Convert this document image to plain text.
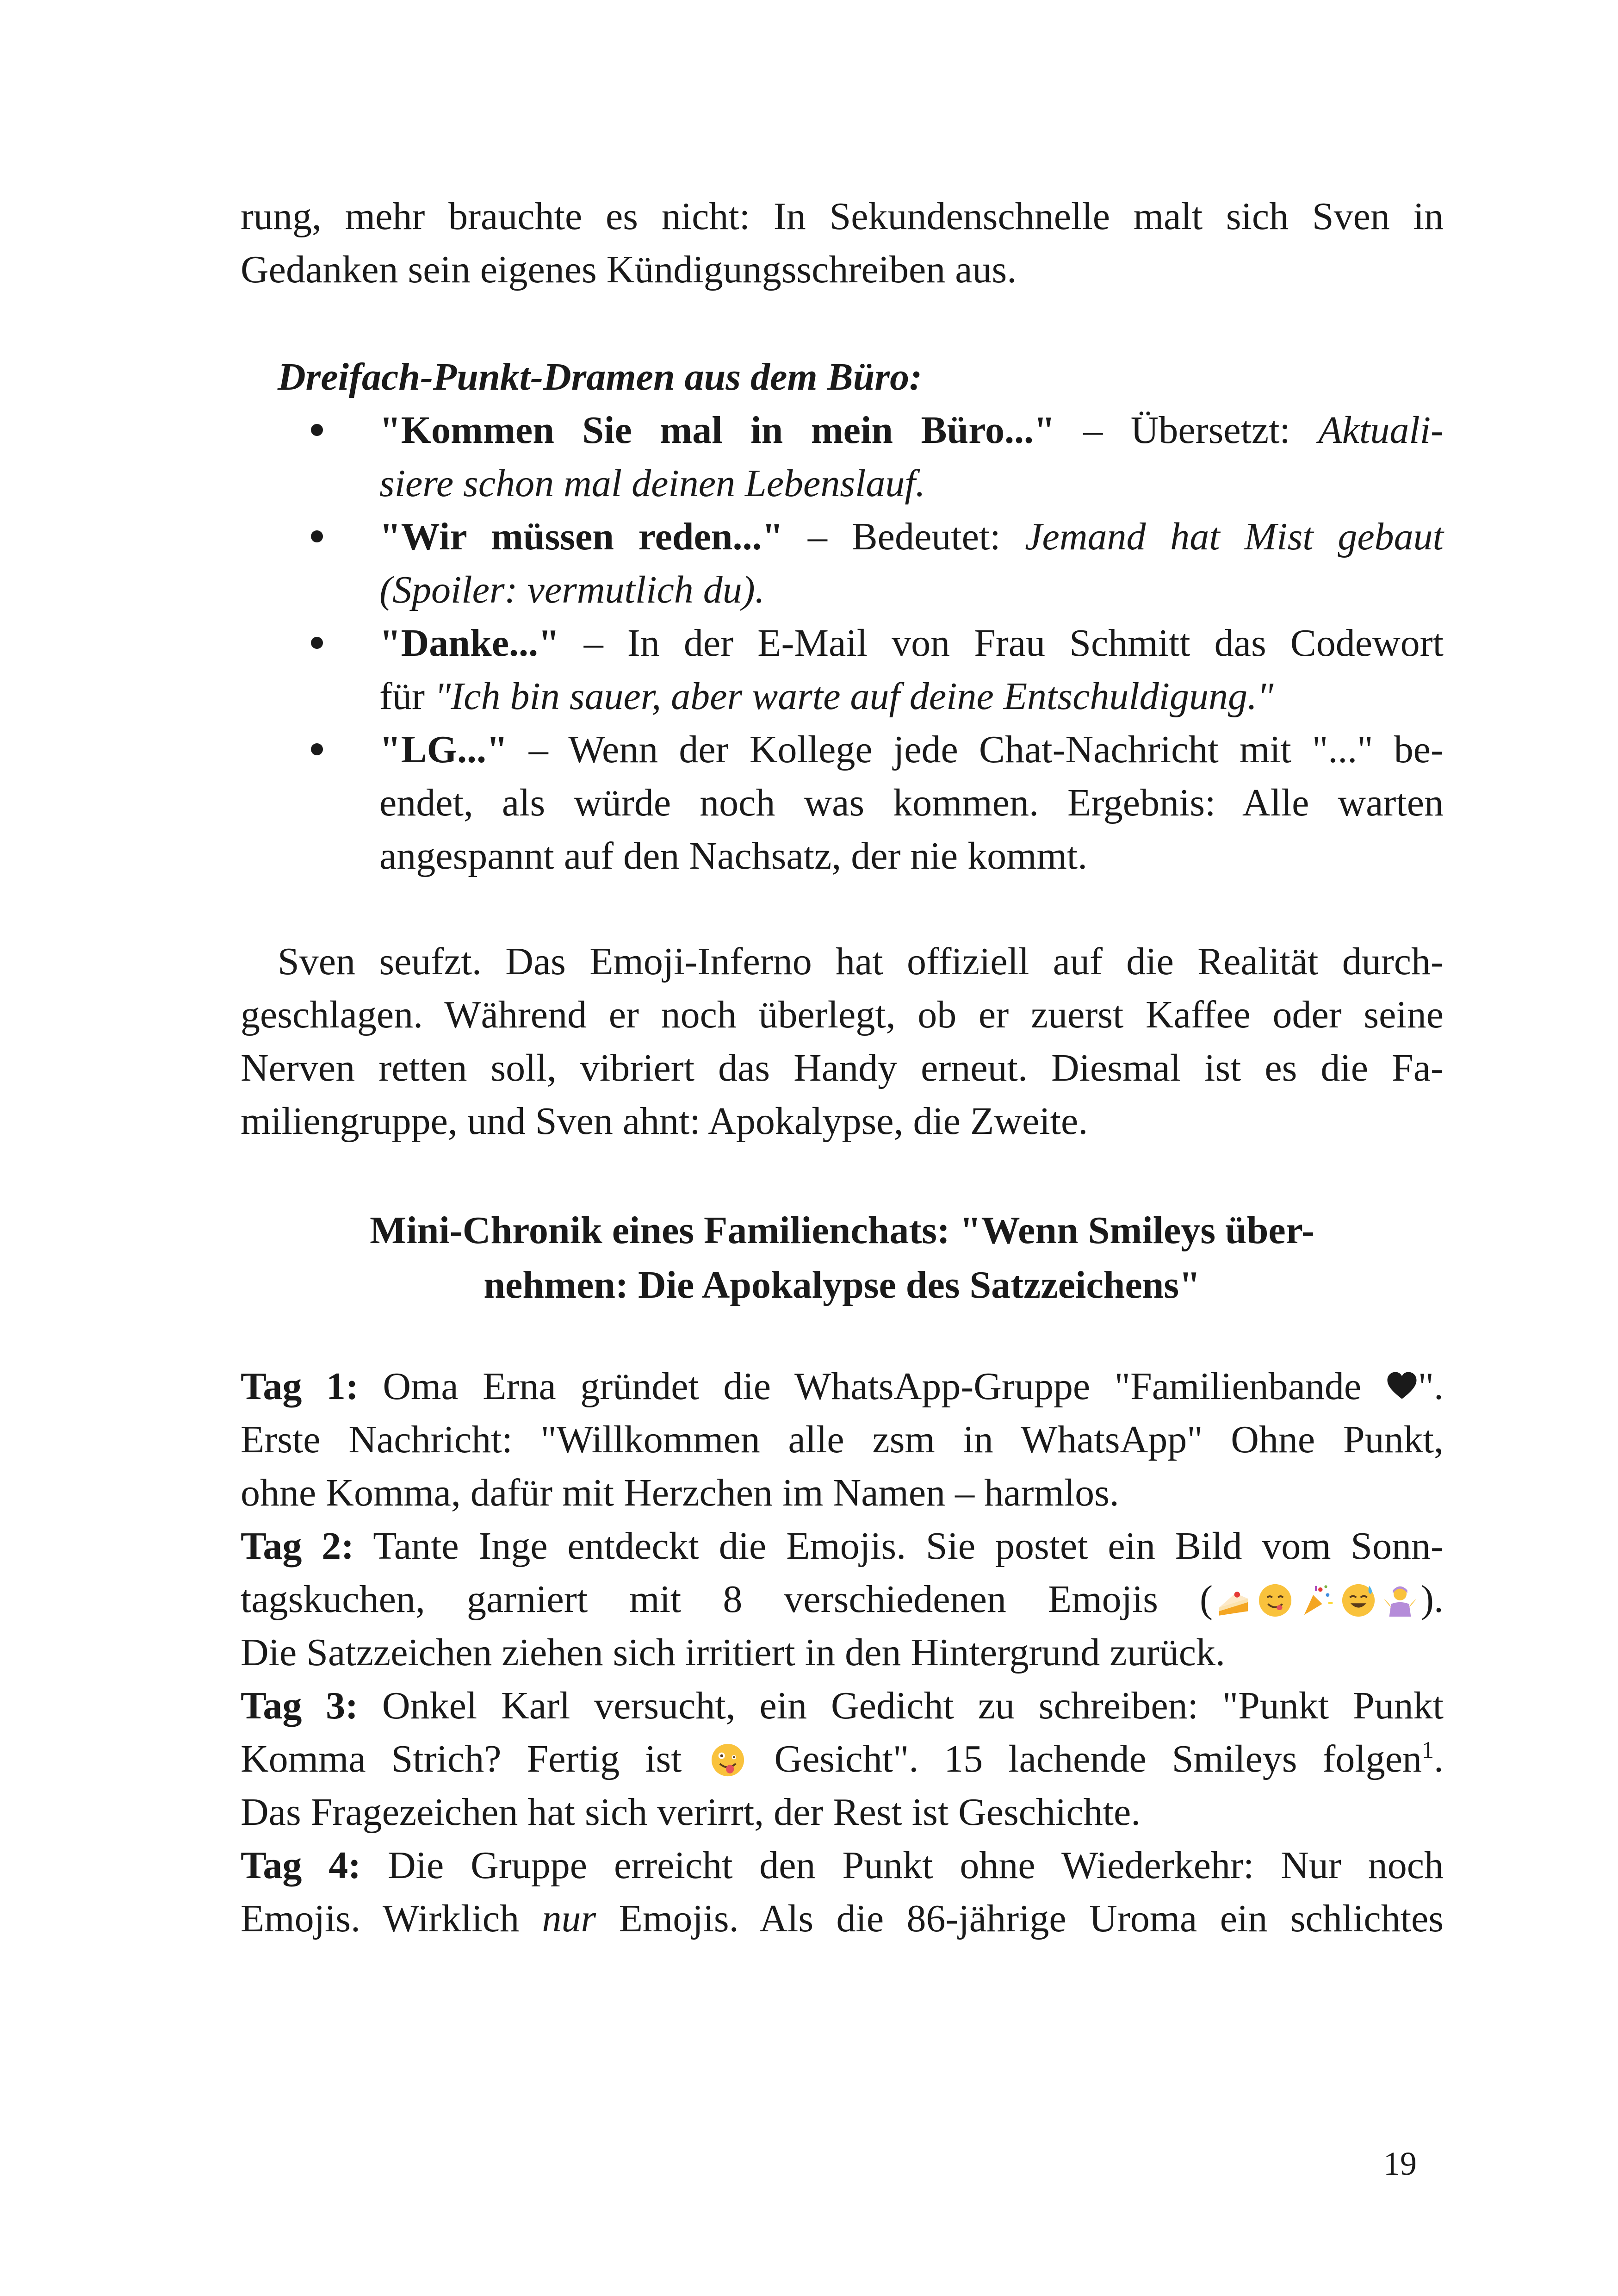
rung, mehr brauchte es nicht: In Sekundenschnelle malt sich Sven in
Gedanken sein eigenes Kündigungsschreiben aus.
Dreifach-Punkt-Dramen aus dem Büro:
"Kommen Sie mal in mein Büro..." – Übersetzt: Aktuali-
siere schon mal deinen Lebenslauf.
"Wir müssen reden..." – Bedeutet: Jemand hat Mist gebaut
(Spoiler: vermutlich du).
"Danke..." – In der E-Mail von Frau Schmitt das Codewort
für "Ich bin sauer, aber warte auf deine Entschuldigung."
"LG..." – Wenn der Kollege jede Chat-Nachricht mit "..." be-
endet, als würde noch was kommen. Ergebnis: Alle warten
angespannt auf den Nachsatz, der nie kommt.
Sven seufzt. Das Emoji-Inferno hat offiziell auf die Realität durch-
geschlagen. Während er noch überlegt, ob er zuerst Kaffee oder seine
Nerven retten soll, vibriert das Handy erneut. Diesmal ist es die Fa-
miliengruppe, und Sven ahnt: Apokalypse, die Zweite.
Mini-Chronik eines Familienchats: "Wenn Smileys über-
nehmen: Die Apokalypse des Satzzeichens"
Tag 1: Oma Erna gründet die WhatsApp-Gruppe "Familienbande ".
Erste Nachricht: "Willkommen alle zsm in WhatsApp" Ohne Punkt,
ohne Komma, dafür mit Herzchen im Namen – harmlos.
Tag 2: Tante Inge entdeckt die Emojis. Sie postet ein Bild vom Sonn-
tagskuchen, garniert mit 8 verschiedenen Emojis (	).
Die Satzzeichen ziehen sich irritiert in den Hintergrund zurück.
Tag 3: Onkel Karl versucht, ein Gedicht zu schreiben: "Punkt Punkt
Komma Strich? Fertig ist  Gesicht". 15 lachende Smileys folgen$^1$.
Das Fragezeichen hat sich verirrt, der Rest ist Geschichte.
Tag 4: Die Gruppe erreicht den Punkt ohne Wiederkehr: Nur noch
Emojis. Wirklich nur Emojis. Als die 86-jährige Uroma ein schlichtes
19
